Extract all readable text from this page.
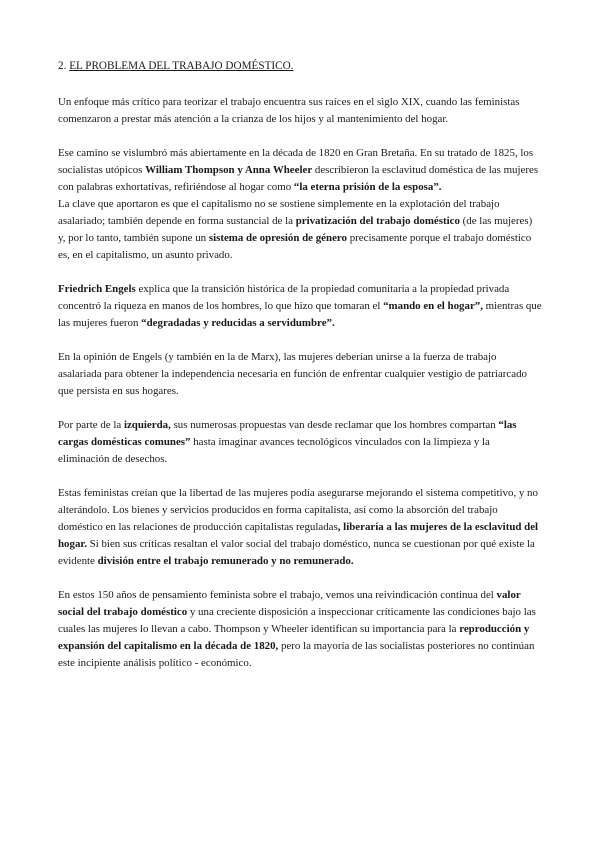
2. EL PROBLEMA DEL TRABAJO DOMÉSTICO.

Un enfoque más crítico para teorizar el trabajo encuentra sus raíces en el siglo XIX, cuando las feministas comenzaron a prestar más atención a la crianza de los hijos y al mantenimiento del hogar.

Ese camino se vislumbró más abiertamente en la década de 1820 en Gran Bretaña. En su tratado de 1825, los socialistas utópicos William Thompson y Anna Wheeler describieron la esclavitud doméstica de las mujeres con palabras exhortativas, refiriéndose al hogar como “la eterna prisión de la esposa”.

La clave que aportaron es que el capitalismo no se sostiene simplemente en la explotación del trabajo asalariado; también depende en forma sustancial de la privatización del trabajo doméstico (de las mujeres) y, por lo tanto, también supone un sistema de opresión de género precisamente porque el trabajo doméstico es, en el capitalismo, un asunto privado.

Friedrich Engels explica que la transición histórica de la propiedad comunitaria a la propiedad privada concentró la riqueza en manos de los hombres, lo que hizo que tomaran el “mando en el hogar”, mientras que las mujeres fueron “degradadas y reducidas a servidumbre”.

En la opinión de Engels (y también en la de Marx), las mujeres deberían unirse a la fuerza de trabajo asalariada para obtener la independencia necesaria en función de enfrentar cualquier vestigio de patriarcado que persista en sus hogares.

Por parte de la izquierda, sus numerosas propuestas van desde reclamar que los hombres compartan “las cargas domésticas comunes” hasta imaginar avances tecnológicos vinculados con la limpieza y la eliminación de desechos.

Estas feministas creían que la libertad de las mujeres podía asegurarse mejorando el sistema competitivo, y no alterándolo. Los bienes y servicios producidos en forma capitalista, así como la absorción del trabajo doméstico en las relaciones de producción capitalistas reguladas, liberaría a las mujeres de la esclavitud del hogar. Si bien sus críticas resaltan el valor social del trabajo doméstico, nunca se cuestionan por qué existe la evidente división entre el trabajo remunerado y no remunerado.

En estos 150 años de pensamiento feminista sobre el trabajo, vemos una reivindicación continua del valor social del trabajo doméstico y una creciente disposición a inspeccionar críticamente las condiciones bajo las cuales las mujeres lo llevan a cabo. Thompson y Wheeler identifican su importancia para la reproducción y expansión del capitalismo en la década de 1820, pero la mayoría de las socialistas posteriores no continúan este incipiente análisis político - económico.
